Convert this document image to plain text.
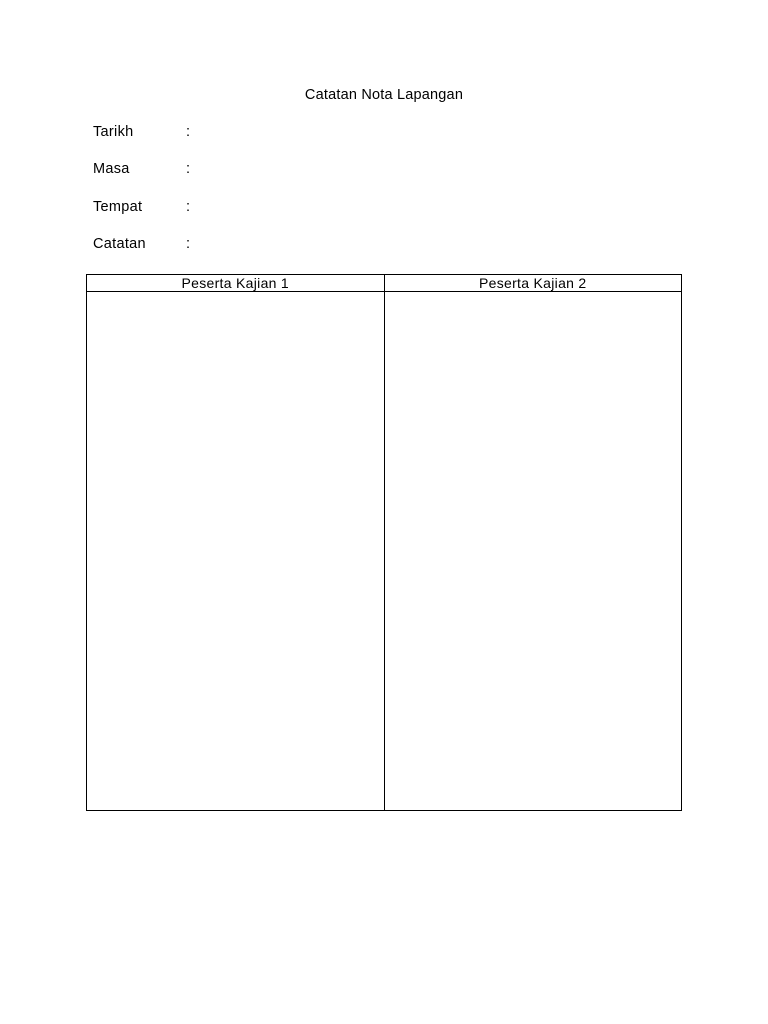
Catatan Nota Lapangan
Tarikh	:
Masa	:
Tempat	:
Catatan	:
Peserta Kajian 1	Peserta Kajian 2
